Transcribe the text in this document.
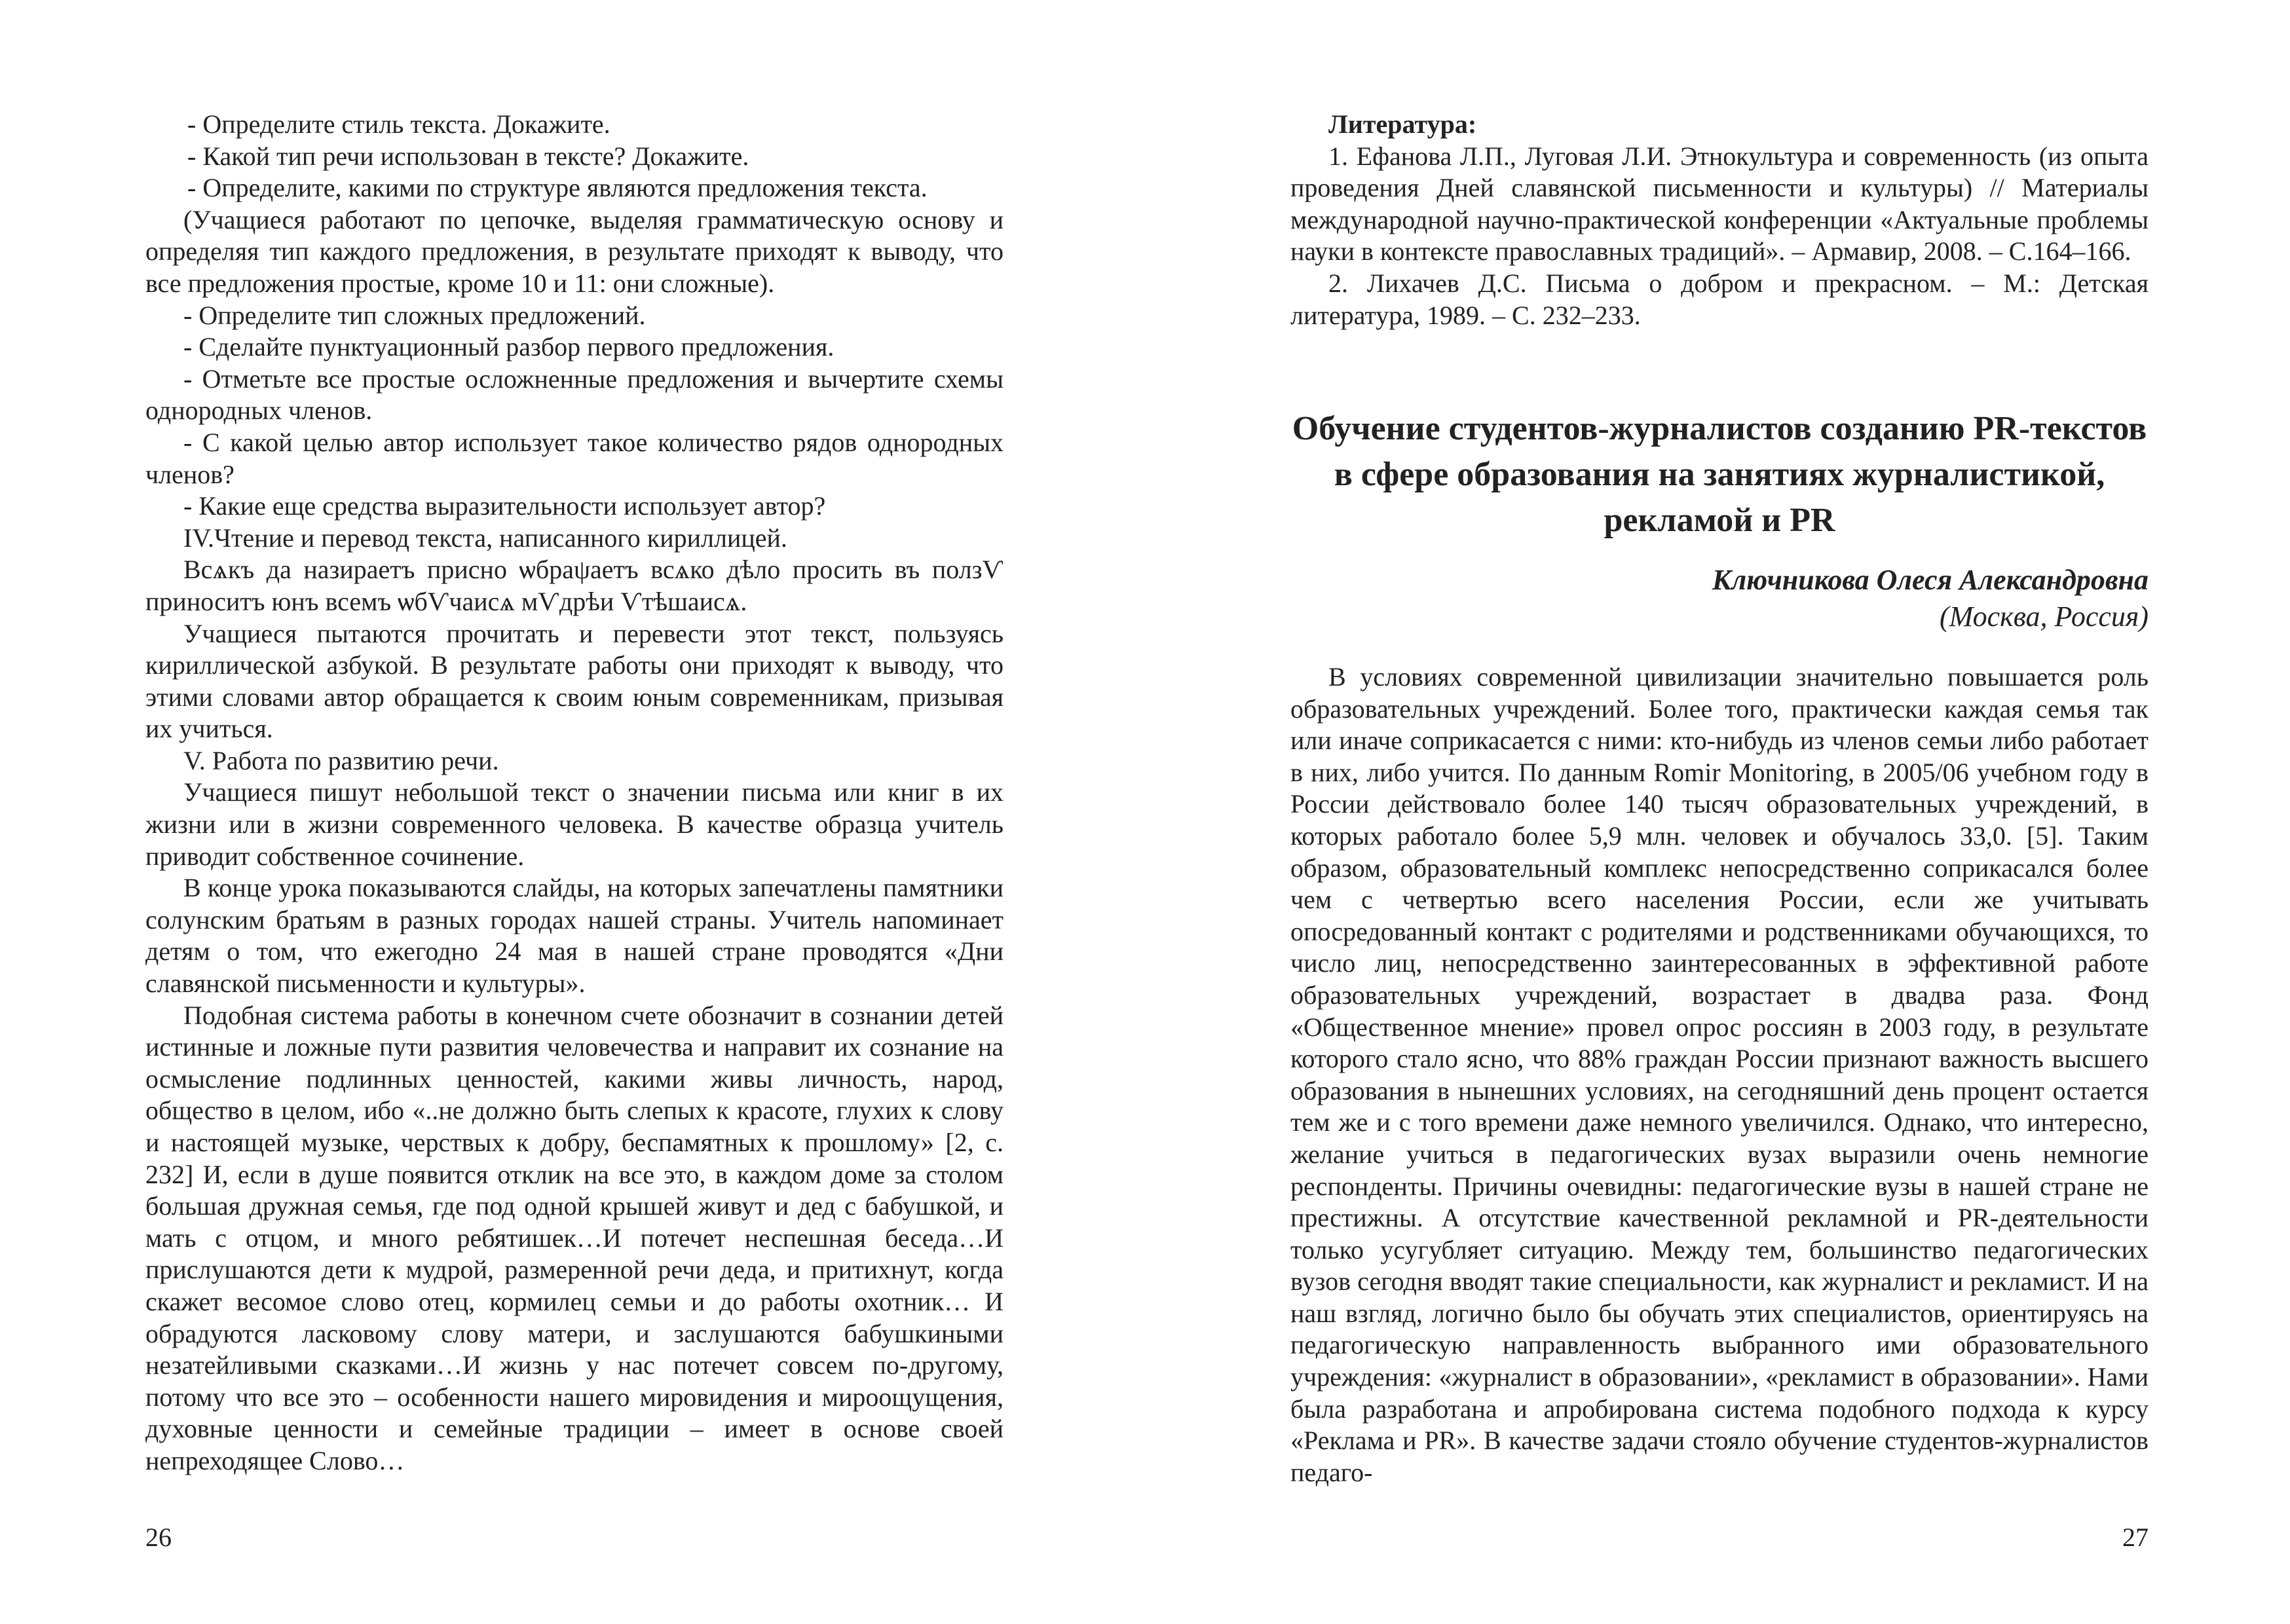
- Определите стиль текста. Докажите.

- Какой тип речи использован в тексте? Докажите.

- Определите, какими по структуре являются предложения текста.

(Учащиеся работают по цепочке, выделяя грамматическую основу и определяя тип каждого предложения, в результате приходят к выводу, что все предложения простые, кроме 10 и 11: они сложные).

- Определите тип сложных предложений.

- Сделайте пунктуационный разбор первого предложения.

- Отметьте все простые осложненные предложения и вычертите схемы однородных членов.

- С какой целью автор использует такое количество рядов однородных членов?

- Какие еще средства выразительности использует автор?

IV.Чтение и перевод текста, написанного кириллицей.

Всѧкъ да назираетъ присно ѡбраψаетъ всѧко дѣло просить въ ползѴ приноситъ юнъ всемъ ѡбѴчаисѧ мѴдрѣи Ѵтѣшаисѧ.

Учащиеся пытаются прочитать и перевести этот текст, пользуясь кириллической азбукой. В результате работы они приходят к выводу, что этими словами автор обращается к своим юным современникам, призывая их учиться.

V. Работа по развитию речи.

Учащиеся пишут небольшой текст о значении письма или книг в их жизни или в жизни современного человека. В качестве образца учитель приводит собственное сочинение.

В конце урока показываются слайды, на которых запечатлены памятники солунским братьям в разных городах нашей страны. Учитель напоминает детям о том, что ежегодно 24 мая в нашей стране проводятся «Дни славянской письменности и культуры».

Подобная система работы в конечном счете обозначит в сознании детей истинные и ложные пути развития человечества и направит их сознание на осмысление подлинных ценностей, какими живы личность, народ, общество в целом, ибо «..не должно быть слепых к красоте, глухих к слову и настоящей музыке, черствых к добру, беспамятных к прошлому» [2, с. 232] И, если в душе появится отклик на все это, в каждом доме за столом большая дружная семья, где под одной крышей живут и дед с бабушкой, и мать с отцом, и много ребятишек…И потечет неспешная беседа…И прислушаются дети к мудрой, размеренной речи деда, и притихнут, когда скажет весомое слово отец, кормилец семьи и до работы охотник… И обрадуются ласковому слову матери, и заслушаются бабушкиными незатейливыми сказками…И жизнь у нас потечет совсем по-другому, потому что все это – особенности нашего мировидения и мироощущения, духовные ценности и семейные традиции – имеет в основе своей непреходящее Слово…

26

Литература:

1. Ефанова Л.П., Луговая Л.И. Этнокультура и современность (из опыта проведения Дней славянской письменности и культуры) // Материалы международной научно-практической конференции «Актуальные проблемы науки в контексте православных традиций». – Армавир, 2008. – С.164–166.

2. Лихачев Д.С. Письма о добром и прекрасном. – М.: Детская литература, 1989. – С. 232–233.

Обучение студентов-журналистов созданию PR-текстов в сфере образования на занятиях журналистикой, рекламой и PR
Ключникова Олеся Александровна
(Москва, Россия)

В условиях современной цивилизации значительно повышается роль образовательных учреждений. Более того, практически каждая семья так или иначе соприкасается с ними: кто-нибудь из членов семьи либо работает в них, либо учится. По данным Romir Monitoring, в 2005/06 учебном году в России действовало более 140 тысяч образовательных учреждений, в которых работало более 5,9 млн. человек и обучалось 33,0. [5]. Таким образом, образовательный комплекс непосредственно соприкасался более чем с четвертью всего населения России, если же учитывать опосредованный контакт с родителями и родственниками обучающихся, то число лиц, непосредственно заинтересованных в эффективной работе образовательных учреждений, возрастает в двадва раза. Фонд «Общественное мнение» провел опрос россиян в 2003 году, в результате которого стало ясно, что 88% граждан России признают важность высшего образования в нынешних условиях, на сегодняшний день процент остается тем же и с того времени даже немного увеличился. Однако, что интересно, желание учиться в педагогических вузах выразили очень немногие респонденты. Причины очевидны: педагогические вузы в нашей стране не престижны. А отсутствие качественной рекламной и PR-деятельности только усугубляет ситуацию. Между тем, большинство педагогических вузов сегодня вводят такие специальности, как журналист и рекламист. И на наш взгляд, логично было бы обучать этих специалистов, ориентируясь на педагогическую направленность выбранного ими образовательного учреждения: «журналист в образовании», «рекламист в образовании». Нами была разработана и апробирована система подобного подхода к курсу «Реклама и PR». В качестве задачи стояло обучение студентов-журналистов педаго-

27
